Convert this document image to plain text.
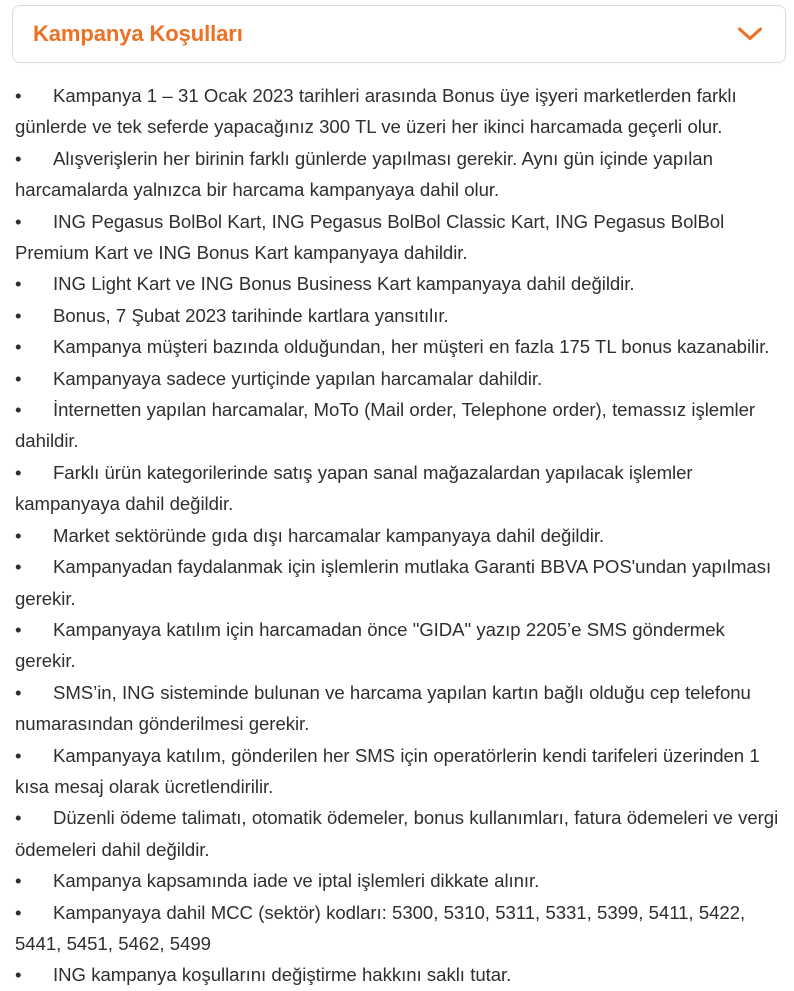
Kampanya Koşulları

• Kampanya 1 – 31 Ocak 2023 tarihleri arasında Bonus üye işyeri marketlerden farklı günlerde ve tek seferde yapacağınız 300 TL ve üzeri her ikinci harcamada geçerli olur.

• Alışverişlerin her birinin farklı günlerde yapılması gerekir. Aynı gün içinde yapılan harcamalarda yalnızca bir harcama kampanyaya dahil olur.

• ING Pegasus BolBol Kart, ING Pegasus BolBol Classic Kart, ING Pegasus BolBol Premium Kart ve ING Bonus Kart kampanyaya dahildir.

• ING Light Kart ve ING Bonus Business Kart kampanyaya dahil değildir.

• Bonus, 7 Şubat 2023 tarihinde kartlara yansıtılır.

• Kampanya müşteri bazında olduğundan, her müşteri en fazla 175 TL bonus kazanabilir.

• Kampanyaya sadece yurtiçinde yapılan harcamalar dahildir.

• İnternetten yapılan harcamalar, MoTo (Mail order, Telephone order), temassız işlemler dahildir.

• Farklı ürün kategorilerinde satış yapan sanal mağazalardan yapılacak işlemler kampanyaya dahil değildir.

• Market sektöründe gıda dışı harcamalar kampanyaya dahil değildir.

• Kampanyadan faydalanmak için işlemlerin mutlaka Garanti BBVA POS'undan yapılması gerekir.

• Kampanyaya katılım için harcamadan önce "GIDA" yazıp 2205’e SMS göndermek gerekir.

• SMS’in, ING sisteminde bulunan ve harcama yapılan kartın bağlı olduğu cep telefonu numarasından gönderilmesi gerekir.

• Kampanyaya katılım, gönderilen her SMS için operatörlerin kendi tarifeleri üzerinden 1 kısa mesaj olarak ücretlendirilir.

• Düzenli ödeme talimatı, otomatik ödemeler, bonus kullanımları, fatura ödemeleri ve vergi ödemeleri dahil değildir.

• Kampanya kapsamında iade ve iptal işlemleri dikkate alınır.

• Kampanyaya dahil MCC (sektör) kodları: 5300, 5310, 5311, 5331, 5399, 5411, 5422, 5441, 5451, 5462, 5499

• ING kampanya koşullarını değiştirme hakkını saklı tutar.
